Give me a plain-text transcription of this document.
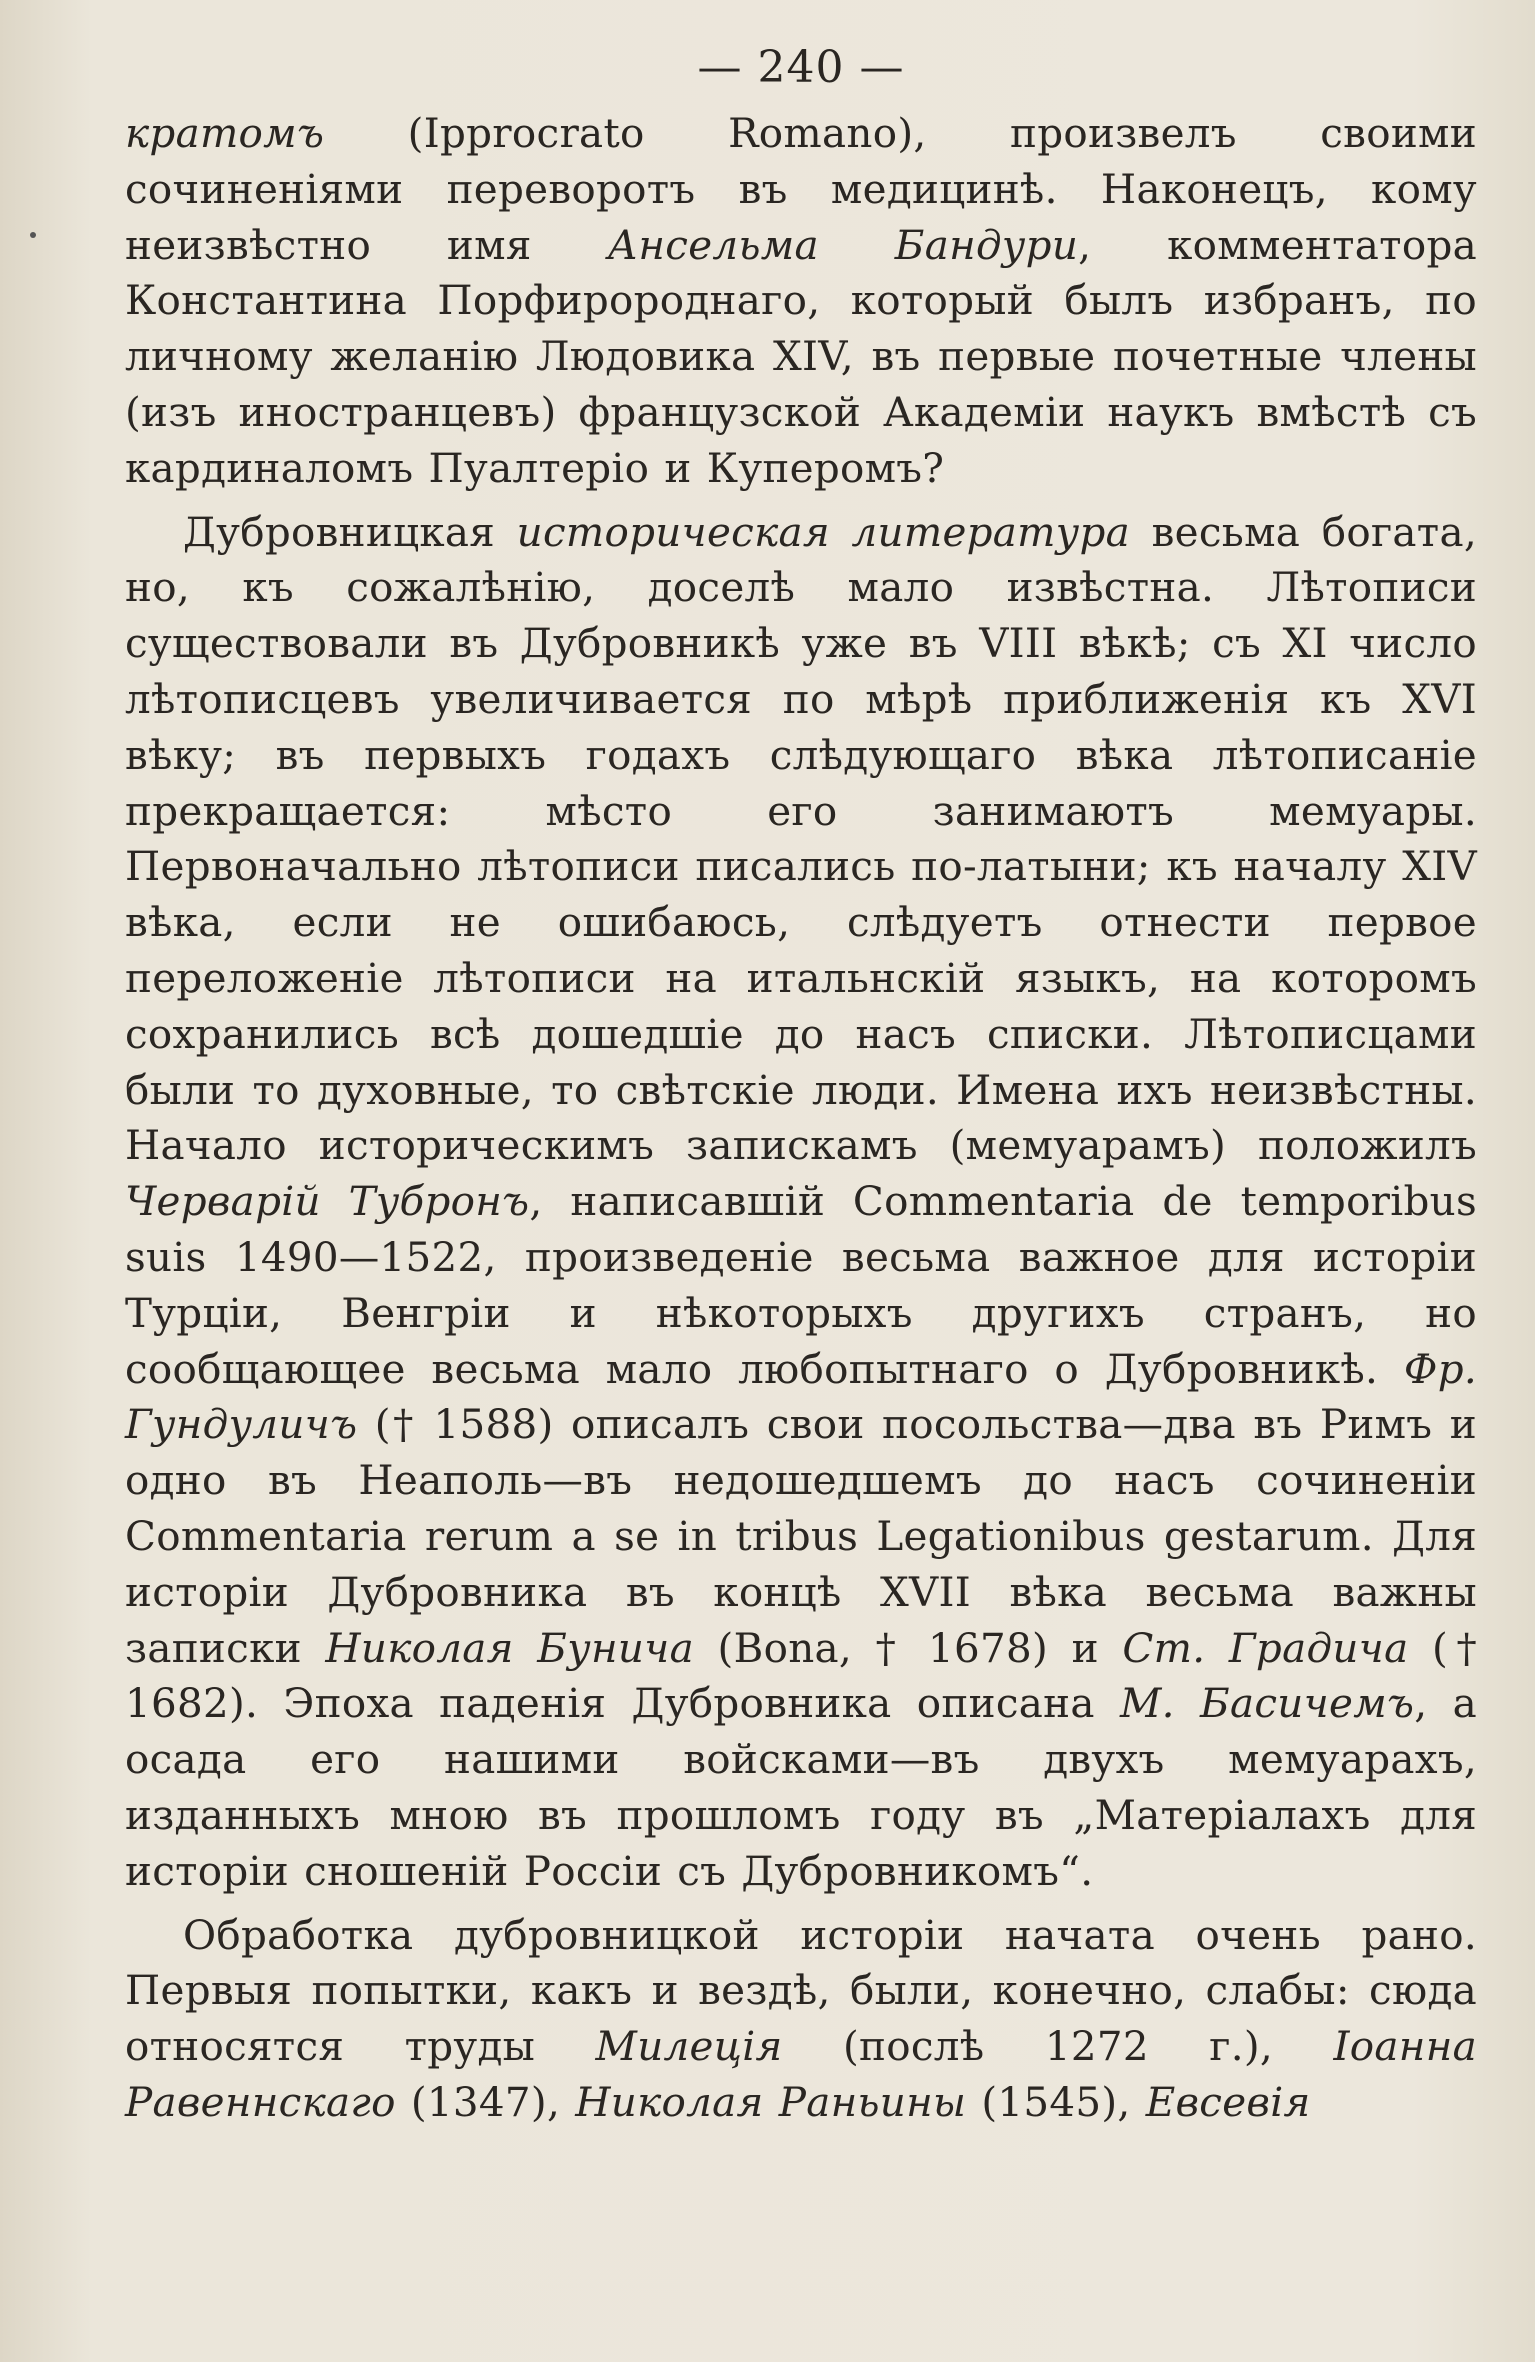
— 240 —

кратомъ (Ipprocrato Romano), произвелъ своими сочиненіями переворотъ въ медицинѣ. Наконецъ, кому неизвѣстно имя Ансельма Бандури, комментатора Константина Порфиророднаго, который былъ избранъ, по личному желанію Людовика XIV, въ первые почетные члены (изъ иностранцевъ) французской Академіи наукъ вмѣстѣ съ кардиналомъ Пуалтеріо и Куперомъ?

Дубровницкая историческая литература весьма богата, но, къ сожалѣнію, доселѣ мало извѣстна. Лѣтописи существовали въ Дубровникѣ уже въ VIII вѣкѣ; съ XI число лѣтописцевъ увеличивается по мѣрѣ приближенія къ XVI вѣку; въ первыхъ годахъ слѣдующаго вѣка лѣтописаніе прекращается: мѣсто его занимаютъ мемуары. Первоначально лѣтописи писались по-латыни; къ началу XIV вѣка, если не ошибаюсь, слѣдуетъ отнести первое переложеніе лѣтописи на итальнскій языкъ, на которомъ сохранились всѣ дошедшіе до насъ списки. Лѣтописцами были то духовные, то свѣтскіе люди. Имена ихъ неизвѣстны. Начало историческимъ запискамъ (мемуарамъ) положилъ Черварій Тубронъ, написавшій Commentaria de temporibus suis 1490—1522, произведеніе весьма важное для исторіи Турціи, Венгріи и нѣкоторыхъ другихъ странъ, но сообщающее весьма мало любопытнаго о Дубровникѣ. Фр. Гундуличъ († 1588) описалъ свои посольства—два въ Римъ и одно въ Неаполь—въ недошедшемъ до насъ сочиненіи Commentaria rerum a se in tribus Legationibus gestarum. Для исторіи Дубровника въ концѣ XVII вѣка весьма важны записки Николая Бунича (Bona, † 1678) и Ст. Градича († 1682). Эпоха паденія Дубровника описана М. Басичемъ, а осада его нашими войсками—въ двухъ мемуарахъ, изданныхъ мною въ прошломъ году въ „Матеріалахъ для исторіи сношеній Россіи съ Дубровникомъ“.

Обработка дубровницкой исторіи начата очень рано. Первыя попытки, какъ и вездѣ, были, конечно, слабы: сюда относятся труды Милеція (послѣ 1272 г.), Іоанна Равеннскаго (1347), Николая Раньины (1545), Евсевія
